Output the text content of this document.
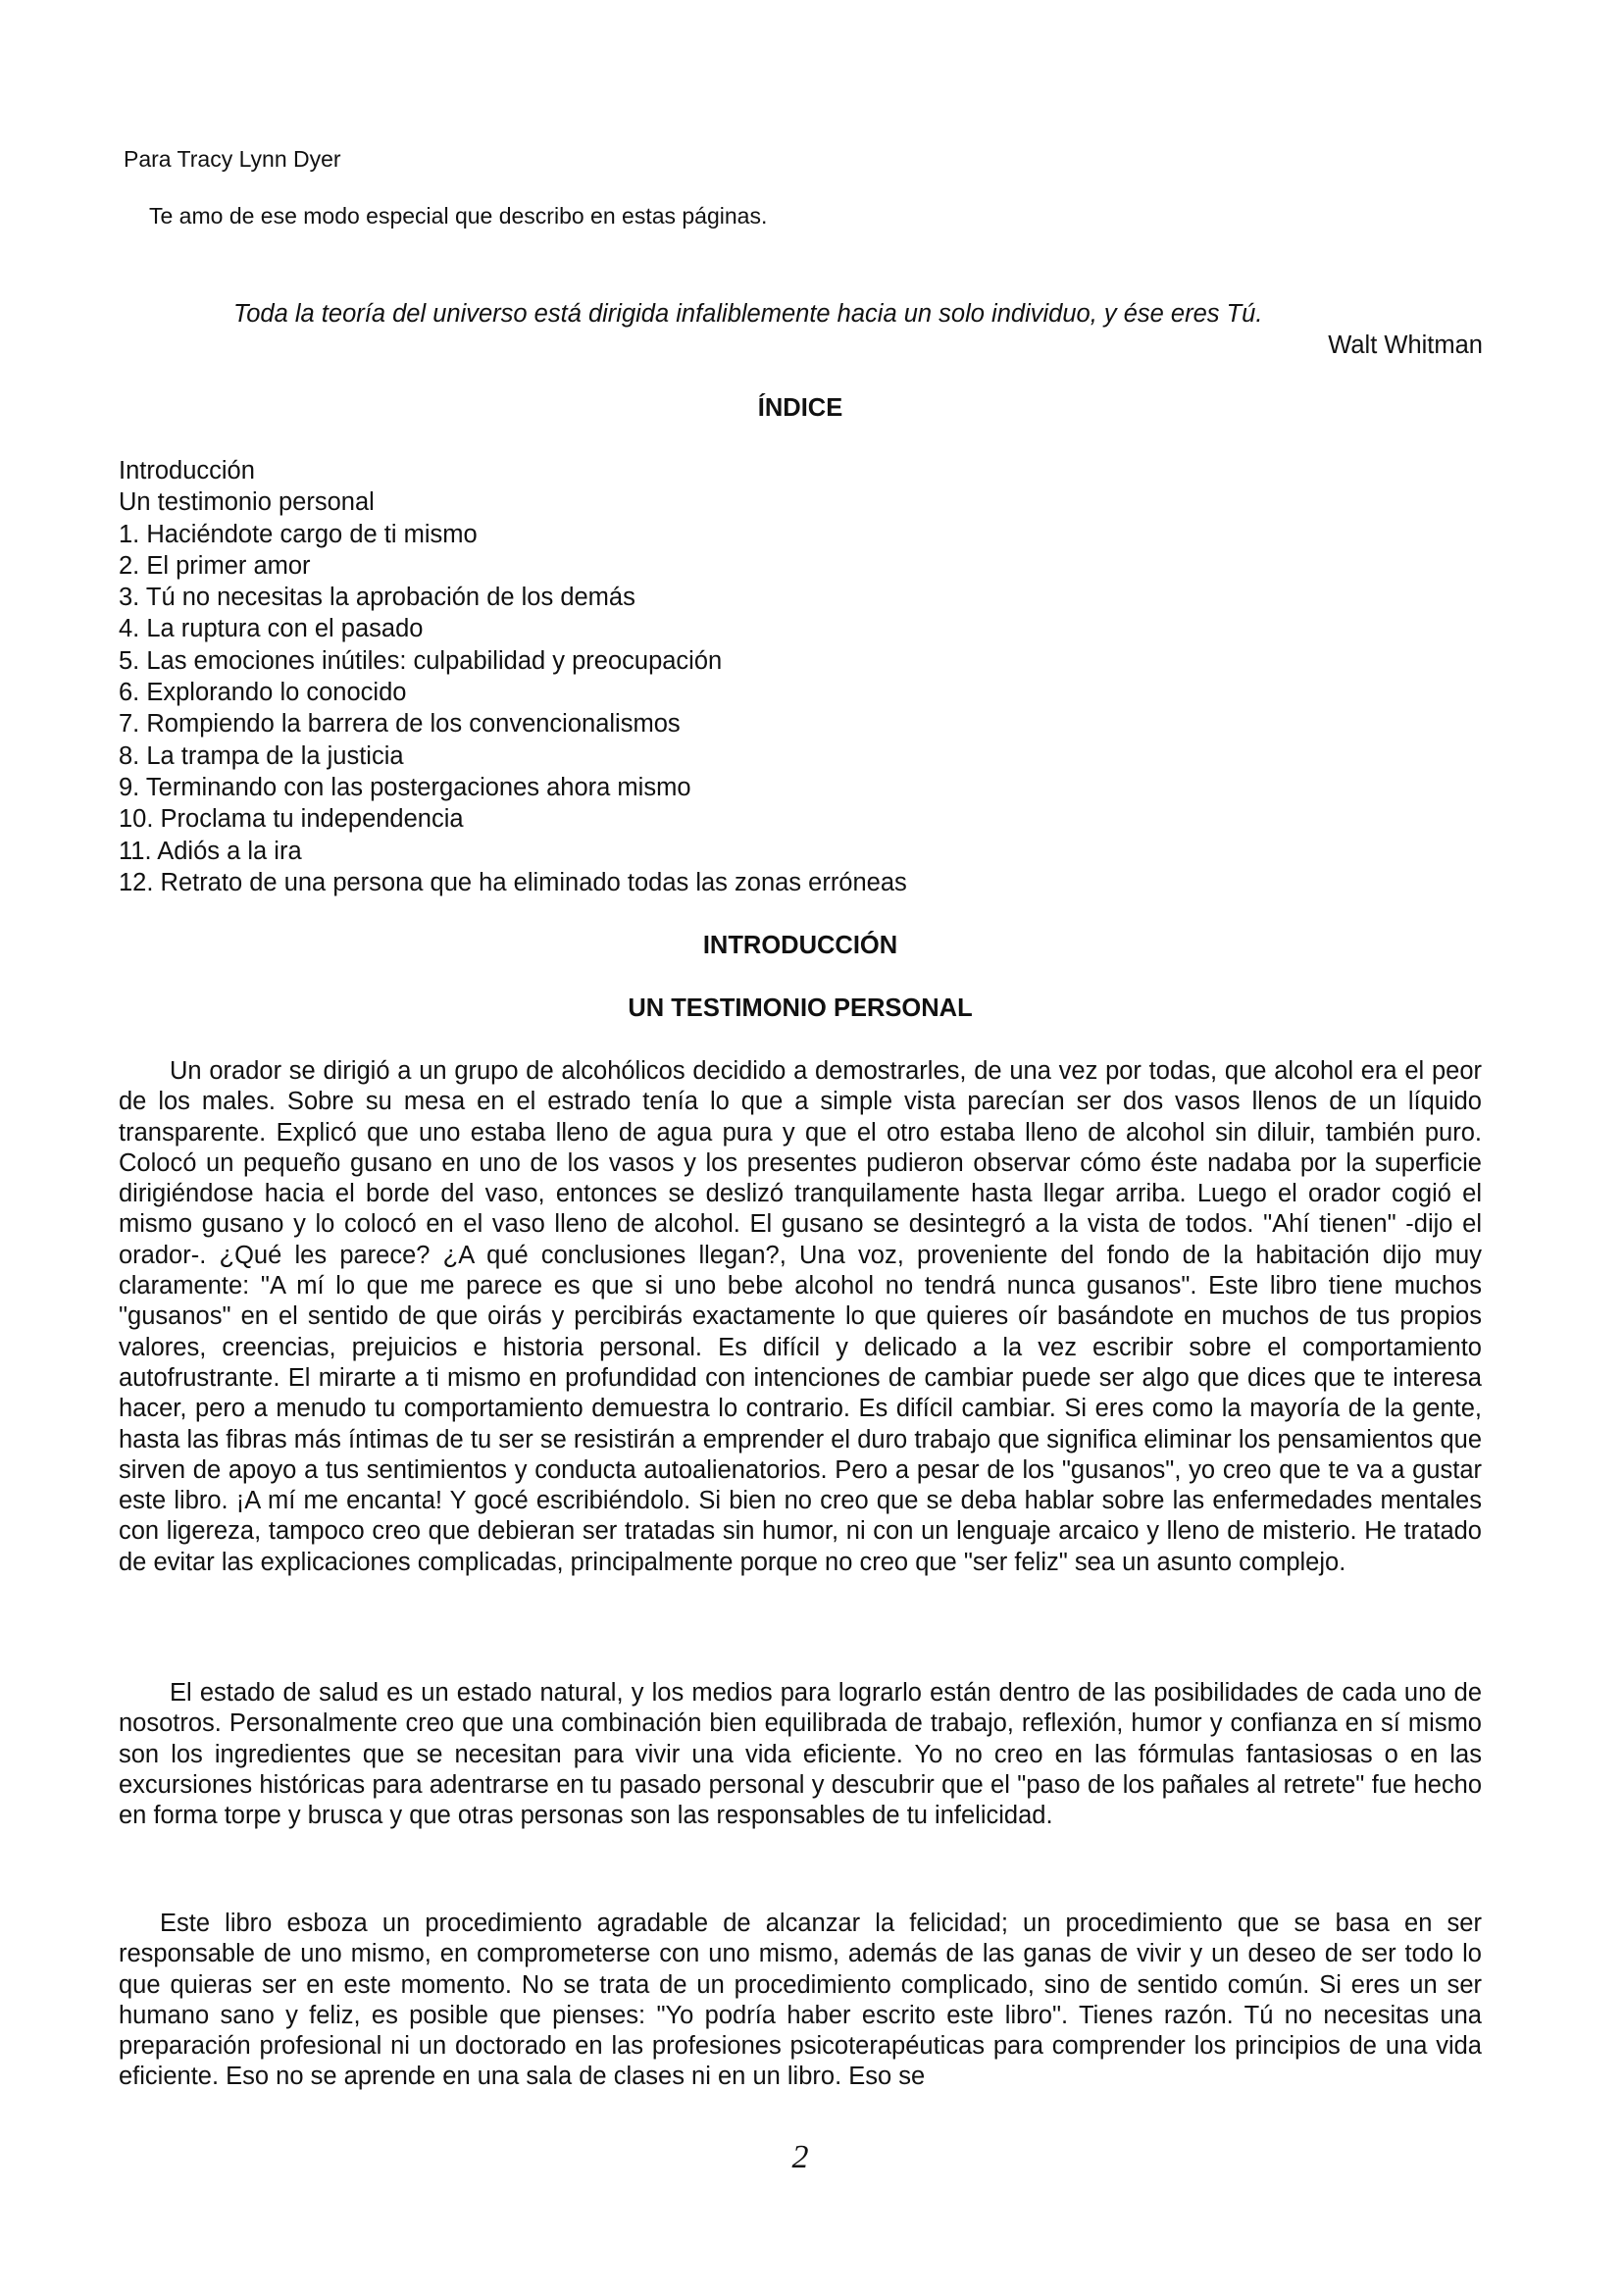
Para Tracy Lynn Dyer
Te amo de ese modo especial que describo en estas páginas.
Toda la teoría del universo está dirigida infaliblemente hacia un solo individuo, y ése eres Tú.
Walt Whitman
ÍNDICE
Introducción
Un testimonio personal
1. Haciéndote cargo de ti mismo
2. El primer amor
3. Tú no necesitas la aprobación de los demás
4. La ruptura con el pasado
5. Las emociones inútiles: culpabilidad y preocupación
6. Explorando lo conocido
7. Rompiendo la barrera de los convencionalismos
8. La trampa de la justicia
9. Terminando con las postergaciones ahora mismo
10. Proclama tu independencia
11. Adiós a la ira
12. Retrato de una persona que ha eliminado todas las zonas erróneas
INTRODUCCIÓN
UN TESTIMONIO PERSONAL

Un orador se dirigió a un grupo de alcohólicos decidido a demostrarles, de una vez por todas, que alcohol era el peor de los males. Sobre su mesa en el estrado tenía lo que a simple vista parecían ser dos vasos llenos de un líquido transparente. Explicó que uno estaba lleno de agua pura y que el otro estaba lleno de alcohol sin diluir, también puro. Colocó un pequeño gusano en uno de los vasos y los presentes pudieron observar cómo éste nadaba por la superficie dirigiéndose hacia el borde del vaso, entonces se deslizó tranquilamente hasta llegar arriba. Luego el orador cogió el mismo gusano y lo colocó en el vaso lleno de alcohol. El gusano se desintegró a la vista de todos. "Ahí tienen" -dijo el orador-. ¿Qué les parece? ¿A qué conclusiones llegan?, Una voz, proveniente del fondo de la habitación dijo muy claramente: "A mí lo que me parece es que si uno bebe alcohol no tendrá nunca gusanos". Este libro tiene muchos "gusanos" en el sentido de que oirás y percibirás exactamente lo que quieres oír basándote en muchos de tus propios valores, creencias, prejuicios e historia personal. Es difícil y delicado a la vez escribir sobre el comportamiento autofrustrante. El mirarte a ti mismo en profundidad con intenciones de cambiar puede ser algo que dices que te interesa hacer, pero a menudo tu comportamiento demuestra lo contrario. Es difícil cambiar. Si eres como la mayoría de la gente, hasta las fibras más íntimas de tu ser se resistirán a emprender el duro trabajo que significa eliminar los pensamientos que sirven de apoyo a tus sentimientos y conducta autoalienatorios. Pero a pesar de los "gusanos", yo creo que te va a gustar este libro. ¡A mí me encanta! Y gocé escribiéndolo. Si bien no creo que se deba hablar sobre las enfermedades mentales con ligereza, tampoco creo que debieran ser tratadas sin humor, ni con un lenguaje arcaico y lleno de misterio. He tratado de evitar las explicaciones complicadas, principalmente porque no creo que "ser feliz" sea un asunto complejo.

El estado de salud es un estado natural, y los medios para lograrlo están dentro de las posibilidades de cada uno de nosotros. Personalmente creo que una combinación bien equilibrada de trabajo, reflexión, humor y confianza en sí mismo son los ingredientes que se necesitan para vivir una vida eficiente. Yo no creo en las fórmulas fantasiosas o en las excursiones históricas para adentrarse en tu pasado personal y descubrir que el "paso de los pañales al retrete" fue hecho en forma torpe y brusca y que otras personas son las responsables de tu infelicidad.

Este libro esboza un procedimiento agradable de alcanzar la felicidad; un procedimiento que se basa en ser responsable de uno mismo, en comprometerse con uno mismo, además de las ganas de vivir y un deseo de ser todo lo que quieras ser en este momento. No se trata de un procedimiento complicado, sino de sentido común. Si eres un ser humano sano y feliz, es posible que pienses: "Yo podría haber escrito este libro". Tienes razón. Tú no necesitas una preparación profesional ni un doctorado en las profesiones psicoterapéuticas para comprender los principios de una vida eficiente. Eso no se aprende en una sala de clases ni en un libro. Eso se

2
